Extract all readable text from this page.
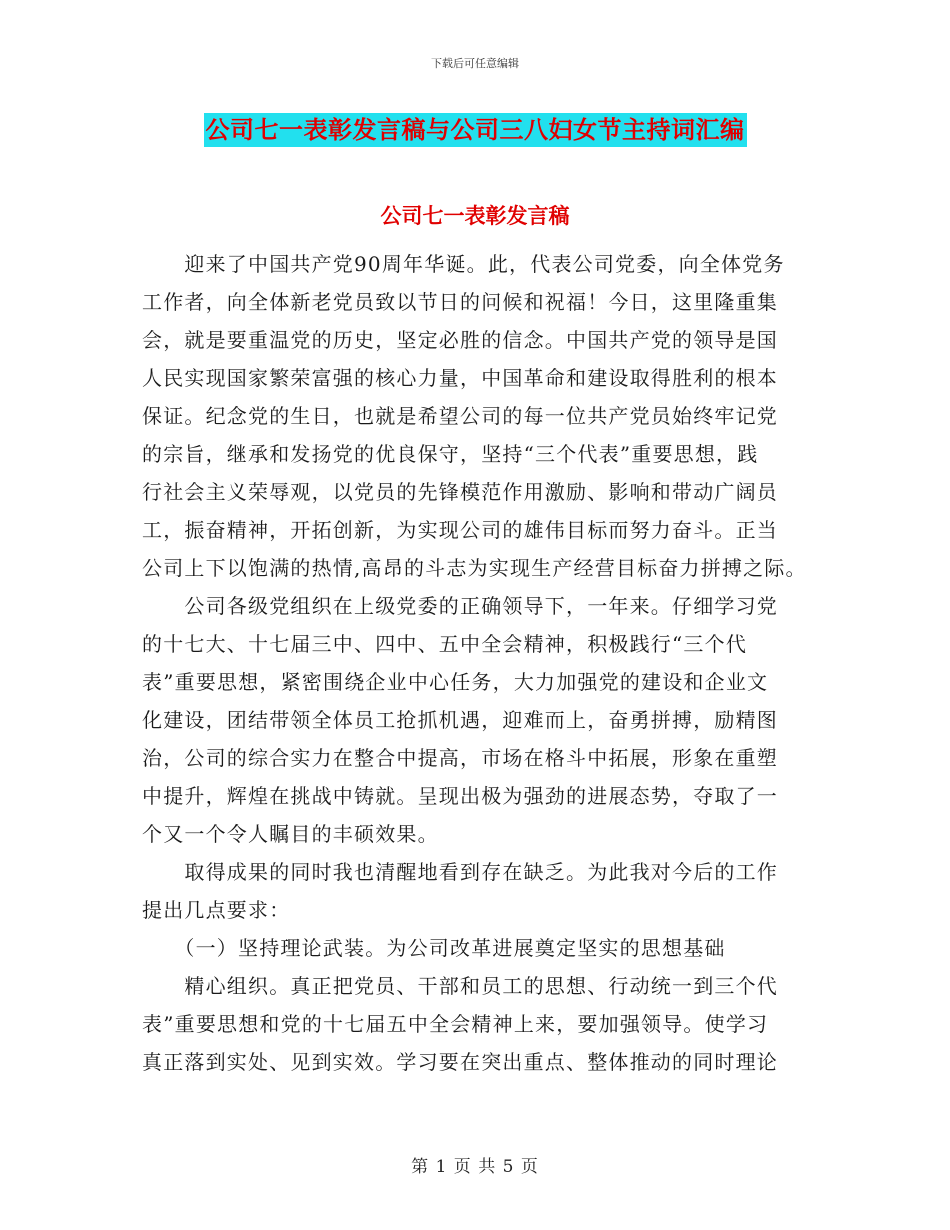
下载后可任意编辑
公司七一表彰发言稿与公司三八妇女节主持词汇编
公司七一表彰发言稿
　　迎来了中国共产党90周年华诞。此，代表公司党委，向全体党务
工作者，向全体新老党员致以节日的问候和祝福！今日，这里隆重集
会，就是要重温党的历史，坚定必胜的信念。中国共产党的领导是国
人民实现国家繁荣富强的核心力量，中国革命和建设取得胜利的根本
保证。纪念党的生日，也就是希望公司的每一位共产党员始终牢记党
的宗旨，继承和发扬党的优良保守，坚持“三个代表”重要思想，践
行社会主义荣辱观，以党员的先锋模范作用激励、影响和带动广阔员
工，振奋精神，开拓创新，为实现公司的雄伟目标而努力奋斗。正当
公司上下以饱满的热情,高昂的斗志为实现生产经营目标奋力拼搏之际。
　　公司各级党组织在上级党委的正确领导下，一年来。仔细学习党
的十七大、十七届三中、四中、五中全会精神，积极践行“三个代
表”重要思想，紧密围绕企业中心任务，大力加强党的建设和企业文
化建设，团结带领全体员工抢抓机遇，迎难而上，奋勇拼搏，励精图
治，公司的综合实力在整合中提高，市场在格斗中拓展，形象在重塑
中提升，辉煌在挑战中铸就。呈现出极为强劲的进展态势，夺取了一
个又一个令人瞩目的丰硕效果。
　　取得成果的同时我也清醒地看到存在缺乏。为此我对今后的工作
提出几点要求：
　　（一）坚持理论武装。为公司改革进展奠定坚实的思想基础
　　精心组织。真正把党员、干部和员工的思想、行动统一到三个代
表”重要思想和党的十七届五中全会精神上来，要加强领导。使学习
真正落到实处、见到实效。学习要在突出重点、整体推动的同时理论
第 1 页 共 5 页
